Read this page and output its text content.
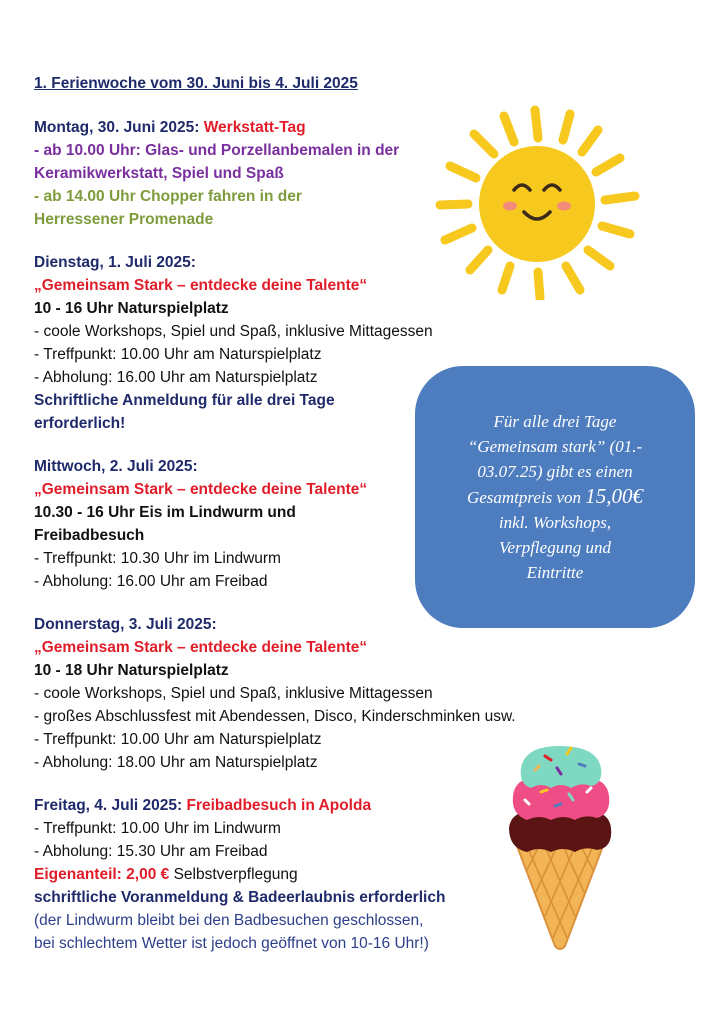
1. Ferienwoche vom 30. Juni bis 4. Juli 2025
Montag, 30. Juni 2025: Werkstatt-Tag
- ab 10.00 Uhr: Glas- und Porzellanbemalen in der
Keramikwerkstatt, Spiel und Spaß
- ab 14.00 Uhr Chopper fahren in der
Herressener Promenade
Dienstag, 1. Juli 2025:
„Gemeinsam Stark – entdecke deine Talente“
10 - 16 Uhr Naturspielplatz
- coole Workshops, Spiel und Spaß, inklusive Mittagessen
- Treffpunkt: 10.00 Uhr am Naturspielplatz
- Abholung: 16.00 Uhr am Naturspielplatz
Schriftliche Anmeldung für alle drei Tage
erforderlich!
Mittwoch, 2. Juli 2025:
„Gemeinsam Stark – entdecke deine Talente“
10.30 - 16 Uhr Eis im Lindwurm und
Freibadbesuch
- Treffpunkt: 10.30 Uhr im Lindwurm
- Abholung: 16.00 Uhr am Freibad
Donnerstag, 3. Juli 2025:
„Gemeinsam Stark – entdecke deine Talente“
10 - 18 Uhr Naturspielplatz
- coole Workshops, Spiel und Spaß, inklusive Mittagessen
- großes Abschlussfest mit Abendessen, Disco, Kinderschminken usw.
- Treffpunkt: 10.00 Uhr am Naturspielplatz
- Abholung: 18.00 Uhr am Naturspielplatz
Freitag, 4. Juli 2025: Freibadbesuch in Apolda
- Treffpunkt: 10.00 Uhr im Lindwurm
- Abholung: 15.30 Uhr am Freibad
Eigenanteil: 2,00 € Selbstverpflegung
schriftliche Voranmeldung & Badeerlaubnis erforderlich
(der Lindwurm bleibt bei den Badbesuchen geschlossen,
bei schlechtem Wetter ist jedoch geöffnet von 10-16 Uhr!)
Für alle drei Tage
“Gemeinsam stark” (01.-
03.07.25) gibt es einen
Gesamtpreis von 15,00€
inkl. Workshops,
Verpflegung und
Eintritte
